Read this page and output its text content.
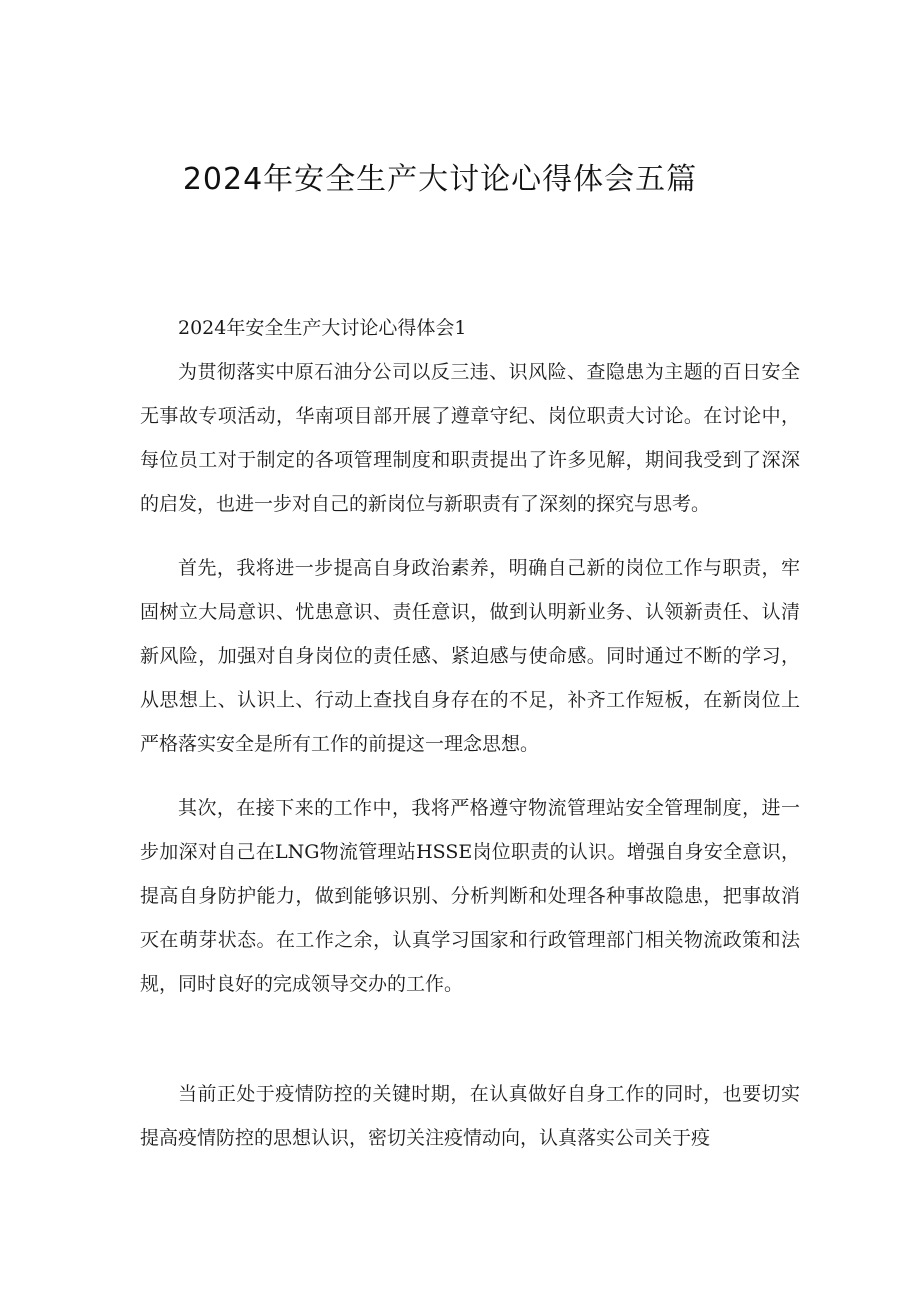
2024年安全生产大讨论心得体会五篇

2024年安全生产大讨论心得体会1

为贯彻落实中原石油分公司以反三违、识风险、查隐患为主题的百日安全无事故专项活动，华南项目部开展了遵章守纪、岗位职责大讨论。在讨论中，每位员工对于制定的各项管理制度和职责提出了许多见解，期间我受到了深深的启发，也进一步对自己的新岗位与新职责有了深刻的探究与思考。

首先，我将进一步提高自身政治素养，明确自己新的岗位工作与职责，牢固树立大局意识、忧患意识、责任意识，做到认明新业务、认领新责任、认清新风险，加强对自身岗位的责任感、紧迫感与使命感。同时通过不断的学习，从思想上、认识上、行动上查找自身存在的不足，补齐工作短板，在新岗位上严格落实安全是所有工作的前提这一理念思想。

其次，在接下来的工作中，我将严格遵守物流管理站安全管理制度，进一步加深对自己在LNG物流管理站HSSE岗位职责的认识。增强自身安全意识，提高自身防护能力，做到能够识别、分析判断和处理各种事故隐患，把事故消灭在萌芽状态。在工作之余，认真学习国家和行政管理部门相关物流政策和法规，同时良好的完成领导交办的工作。

当前正处于疫情防控的关键时期，在认真做好自身工作的同时，也要切实提高疫情防控的思想认识，密切关注疫情动向，认真落实公司关于疫
